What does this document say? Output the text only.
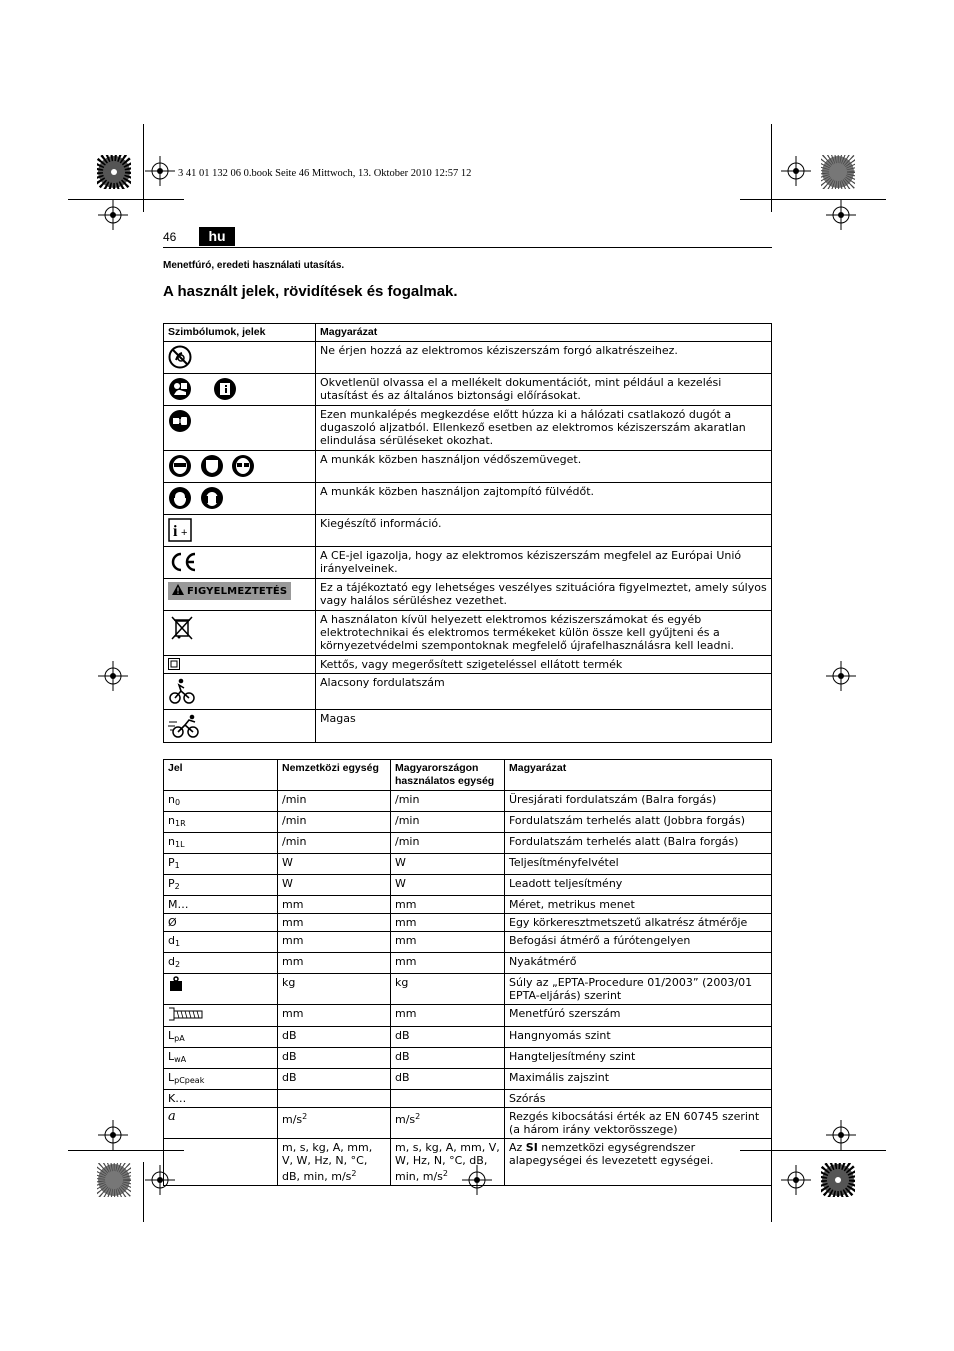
3 41 01 132 06 0.book Seite 46 Mittwoch, 13. Oktober 2010 12:57 12
46	hu
Menetfúró, eredeti használati utasítás.
A használt jelek, rövidítések és fogalmak.
Szimbólumok, jelek	Magyarázat
	Ne érjen hozzá az elektromos kéziszerszám forgó alkatrészeihez.
	Okvetlenül olvassa el a mellékelt dokumentációt, mint például a kezelési utasítást és az általános biztonsági előírásokat.
	Ezen munkalépés megkezdése előtt húzza ki a hálózati csatlakozó dugót a dugaszoló aljzatból. Ellenkező esetben az elektromos kéziszerszám akaratlan elindulása sérüléseket okozhat.
	A munkák közben használjon védőszemüveget.
	A munkák közben használjon zajtompító fülvédőt.

i +	Kiegészítő információ.
	A CE-jel igazolja, hogy az elektromos kéziszerszám megfelel az Európai Unió irányelveinek.
FIGYELMEZTETÉS	Ez a tájékoztató egy lehetséges veszélyes szituációra figyelmeztet, amely súlyos vagy halálos sérüléshez vezethet.
	A használaton kívül helyezett elektromos kéziszerszámokat és egyéb elektrotechnikai és elektromos termékeket külön össze kell gyűjteni és a környezetvédelmi szempontoknak megfelelő újrafelhasználásra kell leadni.
	Kettős, vagy megerősített szigeteléssel ellátott termék
	Alacsony fordulatszám
	Magas
Jel	Nemzetközi egység	Magyarországon használatos egység	Magyarázat
$n_0$	/min	/min	Üresjárati fordulatszám (Balra forgás)
$n_{1R}$	/min	/min	Fordulatszám terhelés alatt (Jobbra forgás)
$n_{1L}$	/min	/min	Fordulatszám terhelés alatt (Balra forgás)
$P_1$	W	W	Teljesítményfelvétel
$P_2$	W	W	Leadott teljesítmény
M…	mm	mm	Méret, metrikus menet
Ø	mm	mm	Egy körkeresztmetszetű alkatrész átmérője
$d_1$	mm	mm	Befogási átmérő a fúrótengelyen
$d_2$	mm	mm	Nyakátmérő
	kg	kg	Súly az „EPTA-Procedure 01/2003” (2003/01 EPTA-eljárás) szerint
	mm	mm	Menetfúró szerszám
$L_{pA}$	dB	dB	Hangnyomás szint
$L_{wA}$	dB	dB	Hangteljesítmény szint
$L_{pCpeak}$	dB	dB	Maximális zajszint
K…			Szórás
a	$m/s^2$	$m/s^2$	Rezgés kibocsátási érték az EN 60745 szerint (a három irány vektorösszege)
	m, s, kg, A, mm, V, W, Hz, N, °C, dB, min, $m/s^2$	m, s, kg, A, mm, V, W, Hz, N, °C, dB, min, $m/s^2$	Az SI nemzetközi egységrendszer alapegységei és levezetett egységei.
